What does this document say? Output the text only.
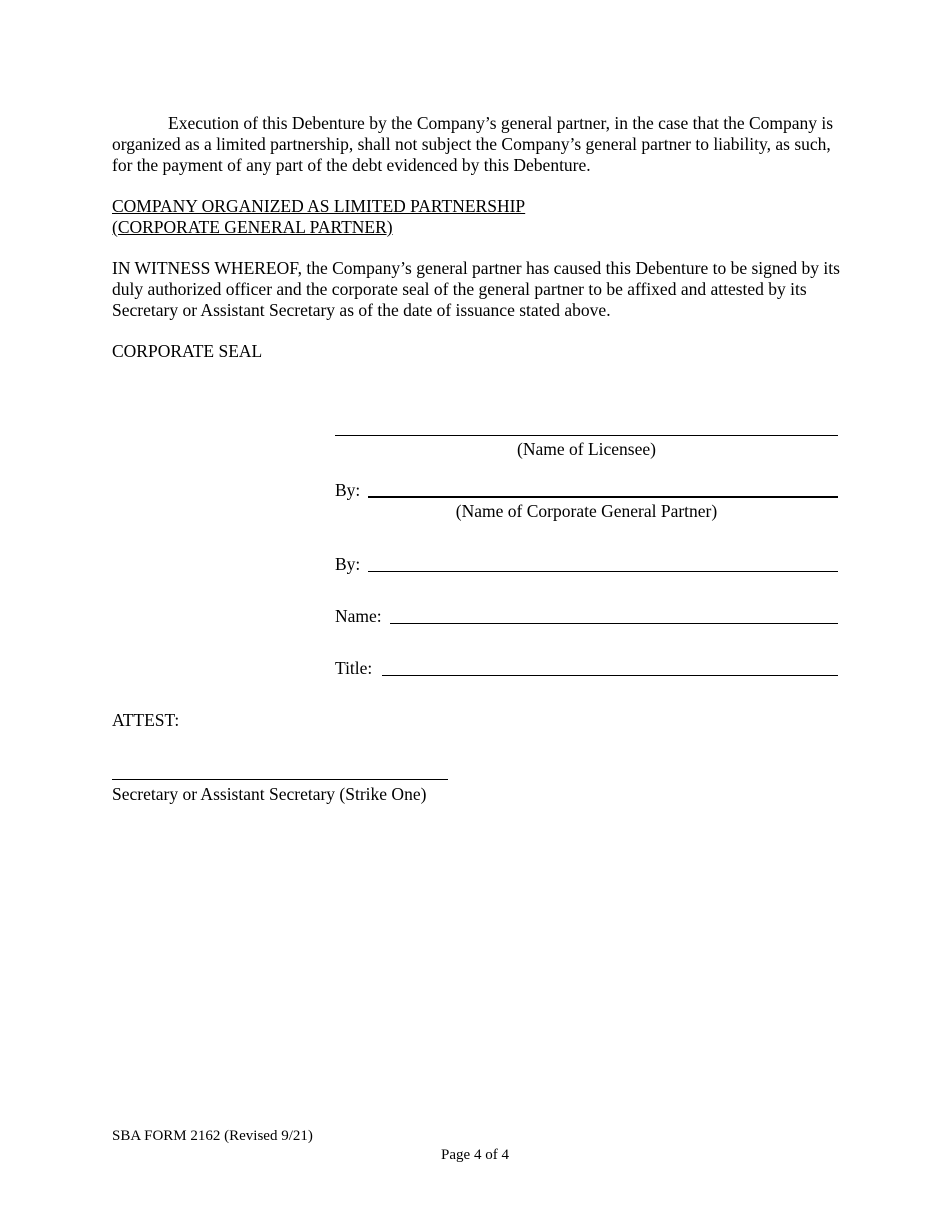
Execution of this Debenture by the Company’s general partner, in the case that the Company is organized as a limited partnership, shall not subject the Company’s general partner to liability, as such, for the payment of any part of the debt evidenced by this Debenture.

COMPANY ORGANIZED AS LIMITED PARTNERSHIP
(CORPORATE GENERAL PARTNER)

IN WITNESS WHEREOF, the Company’s general partner has caused this Debenture to be signed by its duly authorized officer and the corporate seal of the general partner to be affixed and attested by its Secretary or Assistant Secretary as of the date of issuance stated above.

CORPORATE SEAL
(Name of Licensee)
By:
(Name of Corporate General Partner)
By:
Name:
Title:
ATTEST:
Secretary or Assistant Secretary (Strike One)
SBA FORM 2162 (Revised 9/21)
Page 4 of 4
